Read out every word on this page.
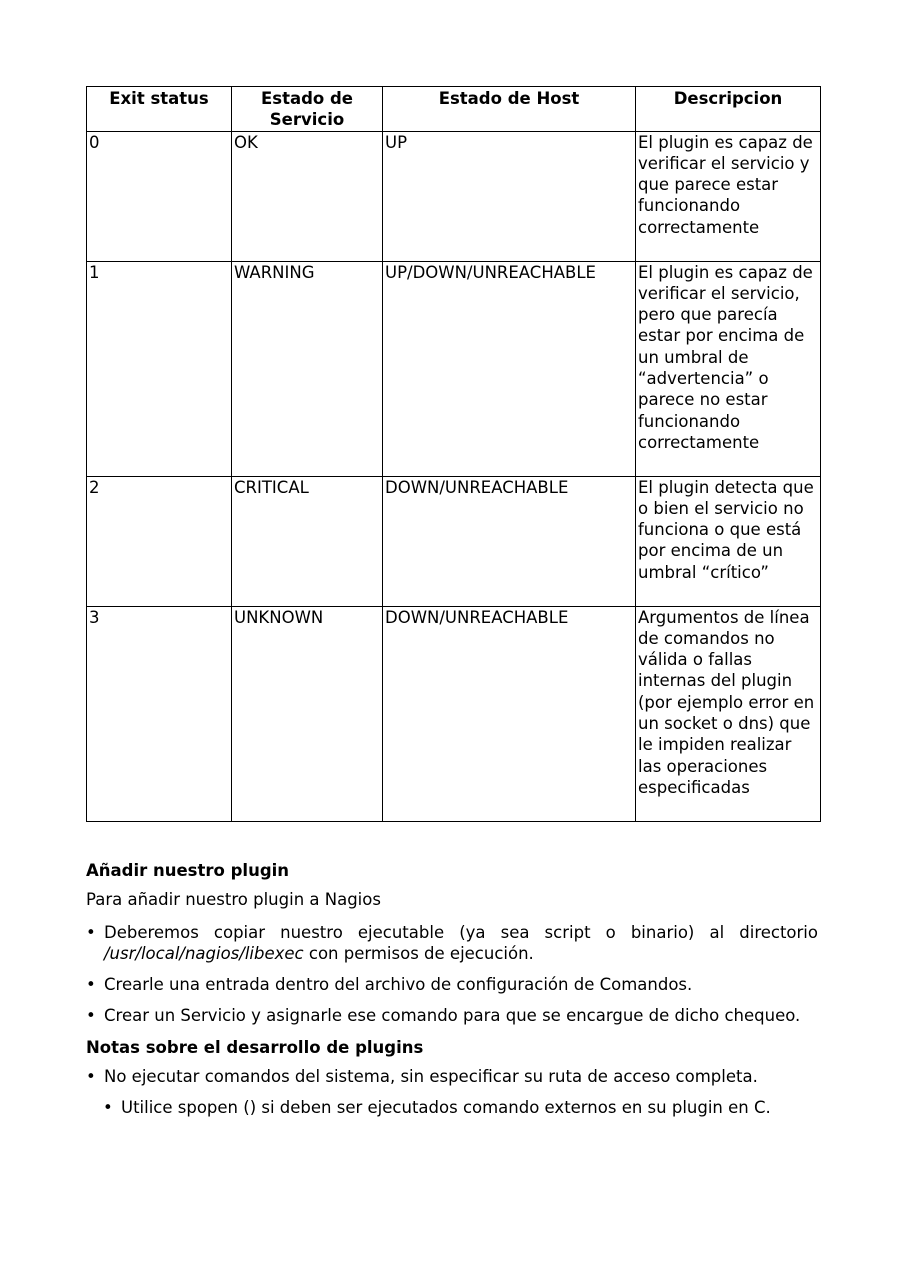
Exit status	Estado de Servicio	Estado de Host	Descripcion
0	OK	UP	El plugin es capaz de verificar el servicio y que parece estar funcionando correctamente
1	WARNING	UP/DOWN/UNREACHABLE	El plugin es capaz de verificar el servicio, pero que parecía estar por encima de un umbral de “advertencia” o parece no estar funcionando correctamente
2	CRITICAL	DOWN/UNREACHABLE	El plugin detecta que o bien el servicio no funciona o que está por encima de un umbral “crítico”
3	UNKNOWN	DOWN/UNREACHABLE	Argumentos de línea de comandos no válida o fallas internas del plugin (por ejemplo error en un socket o dns) que le impiden realizar las operaciones especificadas
Añadir nuestro plugin

Para añadir nuestro plugin a Nagios

• Deberemos copiar nuestro ejecutable (ya sea script o binario) al directorio /usr/local/nagios/libexec con permisos de ejecución.
• Crearle una entrada dentro del archivo de configuración de Comandos.
• Crear un Servicio y asignarle ese comando para que se encargue de dicho chequeo.
Notas sobre el desarrollo de plugins
• No ejecutar comandos del sistema, sin especificar su ruta de acceso completa.
• Utilice spopen () si deben ser ejecutados comando externos en su plugin en C.
